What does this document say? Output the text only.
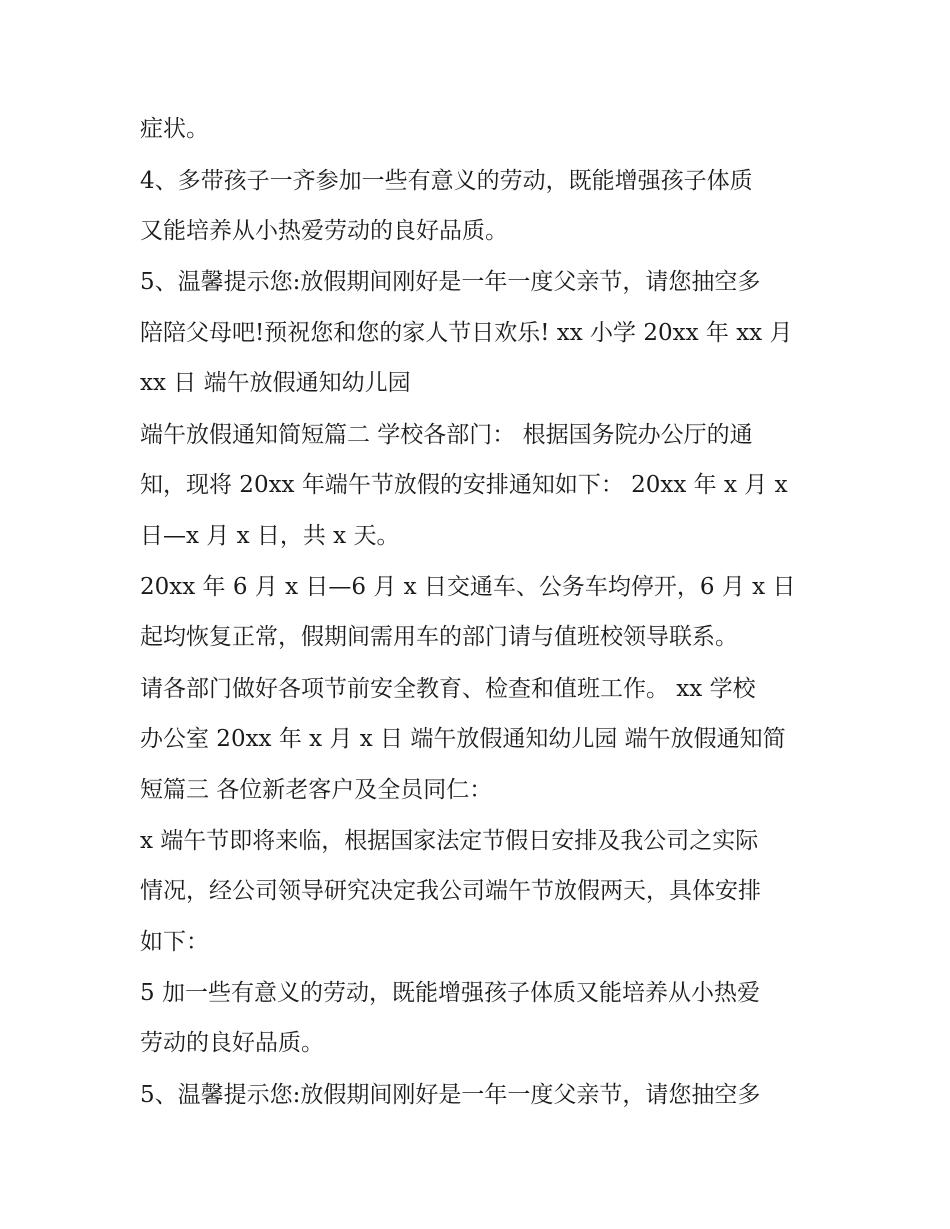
症状。
4、多带孩子一齐参加一些有意义的劳动，既能增强孩子体质
又能培养从小热爱劳动的良好品质。
5、温馨提示您:放假期间刚好是一年一度父亲节，请您抽空多
陪陪父母吧!预祝您和您的家人节日欢乐! xx 小学 20xx 年 xx 月
xx 日 端午放假通知幼儿园
端午放假通知简短篇二 学校各部门： 根据国务院办公厅的通
知，现将 20xx 年端午节放假的安排通知如下： 20xx 年 x 月 x
日—x 月 x 日，共 x 天。
20xx 年 6 月 x 日—6 月 x 日交通车、公务车均停开，6 月 x 日
起均恢复正常，假期间需用车的部门请与值班校领导联系。
请各部门做好各项节前安全教育、检查和值班工作。 xx 学校
办公室 20xx 年 x 月 x 日 端午放假通知幼儿园 端午放假通知简
短篇三 各位新老客户及全员同仁：
x 端午节即将来临，根据国家法定节假日安排及我公司之实际
情况，经公司领导研究决定我公司端午节放假两天，具体安排
如下：
5 加一些有意义的劳动，既能增强孩子体质又能培养从小热爱
劳动的良好品质。
5、温馨提示您:放假期间刚好是一年一度父亲节，请您抽空多
